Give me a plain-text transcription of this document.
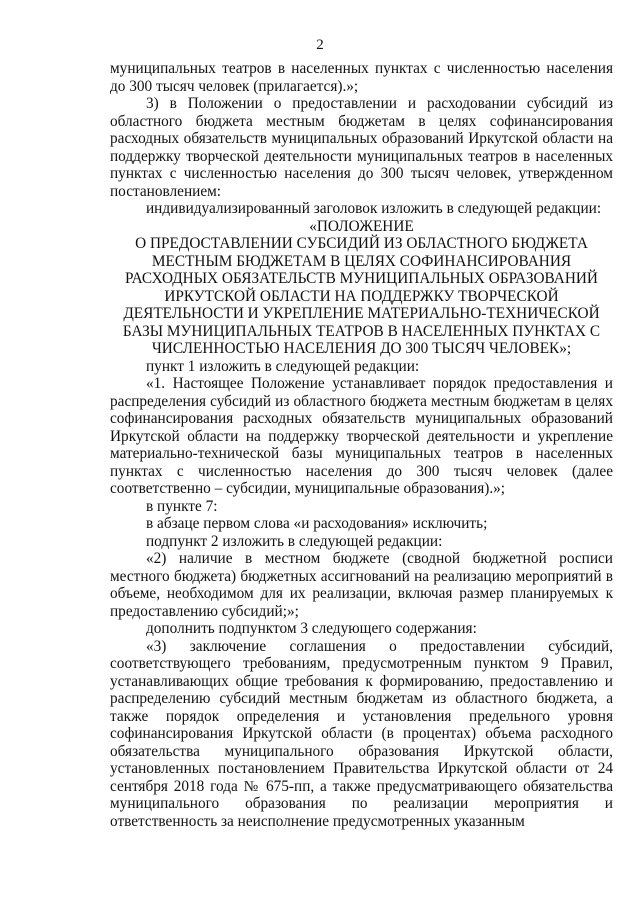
2

муниципальных театров в населенных пунктах с численностью населения до 300 тысяч человек (прилагается).»;

3) в Положении о предоставлении и расходовании субсидий из областного бюджета местным бюджетам в целях софинансирования расходных обязательств муниципальных образований Иркутской области на поддержку творческой деятельности муниципальных театров в населенных пунктах с численностью населения до 300 тысяч человек, утвержденном постановлением:

индивидуализированный заголовок изложить в следующей редакции:

«ПОЛОЖЕНИЕ

О ПРЕДОСТАВЛЕНИИ СУБСИДИЙ ИЗ ОБЛАСТНОГО БЮДЖЕТА МЕСТНЫМ БЮДЖЕТАМ В ЦЕЛЯХ СОФИНАНСИРОВАНИЯ РАСХОДНЫХ ОБЯЗАТЕЛЬСТВ МУНИЦИПАЛЬНЫХ ОБРАЗОВАНИЙ ИРКУТСКОЙ ОБЛАСТИ НА ПОДДЕРЖКУ ТВОРЧЕСКОЙ ДЕЯТЕЛЬНОСТИ И УКРЕПЛЕНИЕ МАТЕРИАЛЬНО-ТЕХНИЧЕСКОЙ БАЗЫ МУНИЦИПАЛЬНЫХ ТЕАТРОВ В НАСЕЛЕННЫХ ПУНКТАХ С ЧИСЛЕННОСТЬЮ НАСЕЛЕНИЯ ДО 300 ТЫСЯЧ ЧЕЛОВЕК»;

пункт 1 изложить в следующей редакции:

«1. Настоящее Положение устанавливает порядок предоставления и распределения субсидий из областного бюджета местным бюджетам в целях софинансирования расходных обязательств муниципальных образований Иркутской области на поддержку творческой деятельности и укрепление материально-технической базы муниципальных театров в населенных пунктах с численностью населения до 300 тысяч человек (далее соответственно – субсидии, муниципальные образования).»;

в пункте 7:

в абзаце первом слова «и расходования» исключить;

подпункт 2 изложить в следующей редакции:

«2) наличие в местном бюджете (сводной бюджетной росписи местного бюджета) бюджетных ассигнований на реализацию мероприятий в объеме, необходимом для их реализации, включая размер планируемых к предоставлению субсидий;»;

дополнить подпунктом 3 следующего содержания:

«3) заключение соглашения о предоставлении субсидий, соответствующего требованиям, предусмотренным пунктом 9 Правил, устанавливающих общие требования к формированию, предоставлению и распределению субсидий местным бюджетам из областного бюджета, а также порядок определения и установления предельного уровня софинансирования Иркутской области (в процентах) объема расходного обязательства муниципального образования Иркутской области, установленных постановлением Правительства Иркутской области от 24 сентября 2018 года № 675-пп, а также предусматривающего обязательства муниципального образования по реализации мероприятия и ответственность за неисполнение предусмотренных указанным
